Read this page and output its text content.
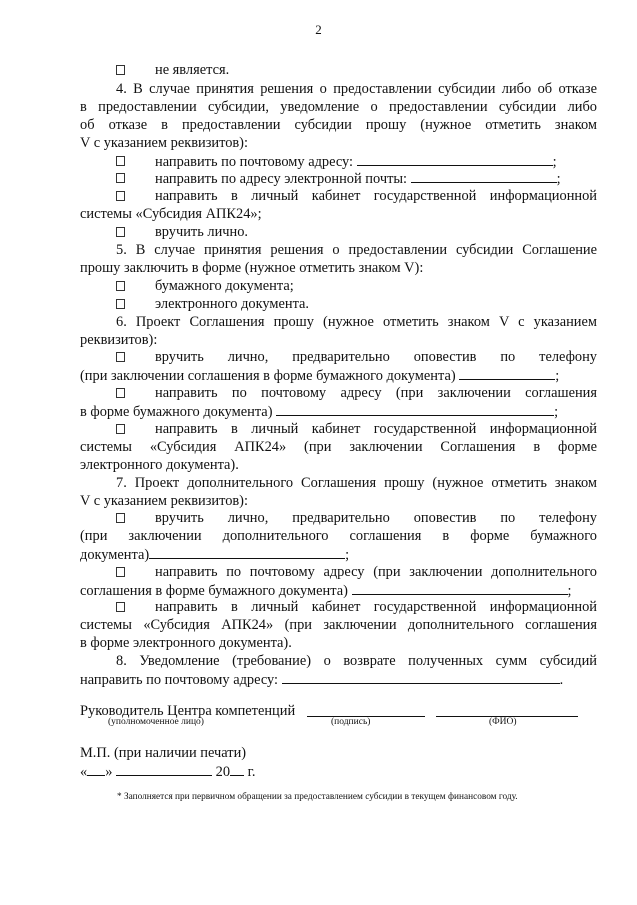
2
не является.
4. В случае принятия решения о предоставлении субсидии либо об отказе
в предоставлении субсидии, уведомление о предоставлении субсидии либо
об отказе в предоставлении субсидии прошу (нужное отметить знаком
V с указанием реквизитов):
направить по почтовому адресу:	;
направить по адресу электронной почты:	;
направить в личный кабинет государственной информационной
системы «Субсидия АПК24»;
вручить лично.
5. В случае принятия решения о предоставлении субсидии Соглашение
прошу заключить в форме (нужное отметить знаком V):
бумажного документа;
электронного документа.
6. Проект Соглашения прошу (нужное отметить знаком V с указанием
реквизитов):
вручить лично, предварительно оповестив по телефону
(при заключении соглашения в форме бумажного документа)	;
направить по почтовому адресу (при заключении соглашения
в форме бумажного документа)	;
направить в личный кабинет государственной информационной
системы «Субсидия АПК24» (при заключении Соглашения в форме
электронного документа).
7. Проект дополнительного Соглашения прошу (нужное отметить знаком
V с указанием реквизитов):
вручить лично, предварительно оповестив по телефону
(при заключении дополнительного соглашения в форме бумажного
документа)	;
направить по почтовому адресу (при заключении дополнительного
соглашения в форме бумажного документа)	;
направить в личный кабинет государственной информационной
системы «Субсидия АПК24» (при заключении дополнительного соглашения
в форме электронного документа).
8. Уведомление (требование) о возврате полученных сумм субсидий
направить по почтовому адресу:	.
Руководитель Центра компетенций
(уполномоченное лицо)	(подпись)	(ФИО)
М.П. (при наличии печати)
« »	20 г.
* Заполняется при первичном обращении за предоставлением субсидии в текущем финансовом году.
